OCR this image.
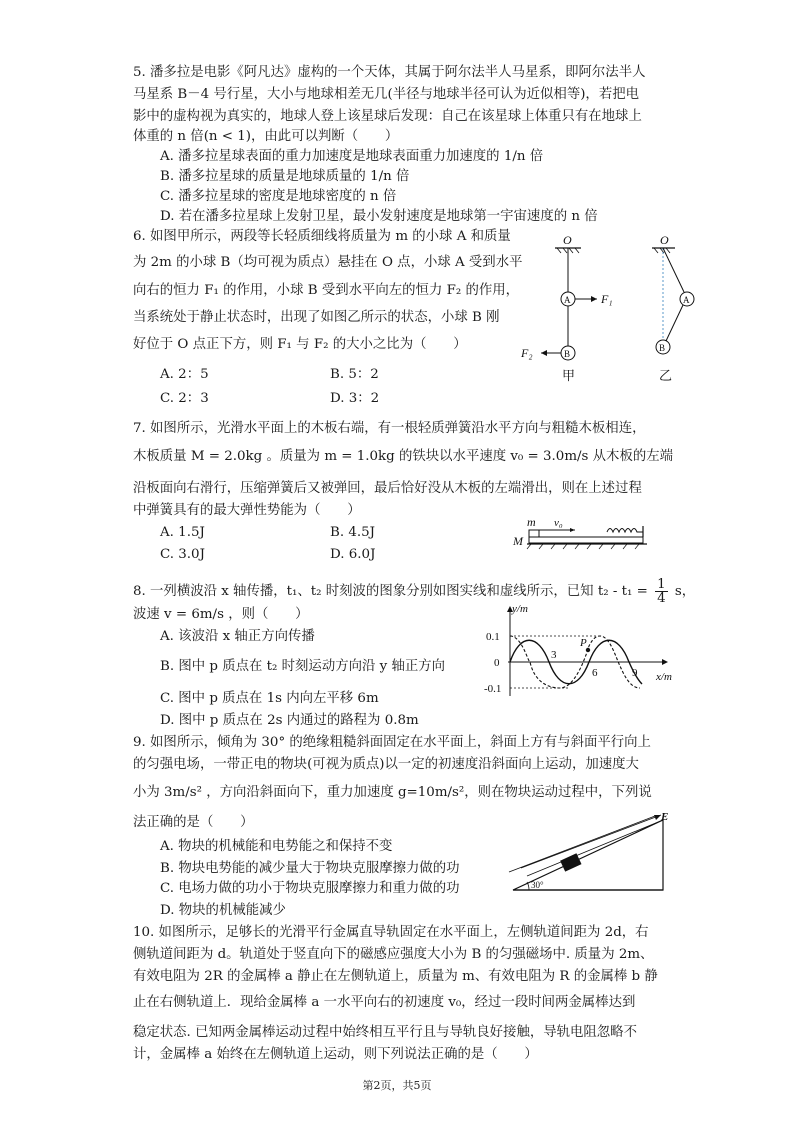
5. 潘多拉是电影《阿凡达》虚构的一个天体，其属于阿尔法半人马星系，即阿尔法半人
马星系 B－4 号行星，大小与地球相差无几(半径与地球半径可认为近似相等)，若把电
影中的虚构视为真实的，地球人登上该星球后发现：自己在该星球上体重只有在地球上
体重的 n 倍(n < 1)，由此可以判断（　　）
A. 潘多拉星球表面的重力加速度是地球表面重力加速度的 1/n 倍
B. 潘多拉星球的质量是地球质量的 1/n 倍
C. 潘多拉星球的密度是地球密度的 n 倍
D. 若在潘多拉星球上发射卫星，最小发射速度是地球第一宇宙速度的 n 倍
6. 如图甲所示，两段等长轻质细线将质量为 m 的小球 A 和质量
为 2m 的小球 B（均可视为质点）悬挂在 O 点，小球 A 受到水平
向右的恒力 F₁ 的作用，小球 B 受到水平向左的恒力 F₂ 的作用，
当系统处于静止状态时，出现了如图乙所示的状态，小球 B 刚
好位于 O 点正下方，则 F₁ 与 F₂ 的大小之比为（　　）
A. 2：5	B. 5：2
C. 2：3	D. 3：2
O
A	F₁
B
F₂
甲
O
A
B
乙
7. 如图所示，光滑水平面上的木板右端，有一根轻质弹簧沿水平方向与粗糙木板相连，
木板质量 M = 2.0kg 。质量为 m = 1.0kg 的铁块以水平速度 v₀ = 3.0m/s 从木板的左端
沿板面向右滑行，压缩弹簧后又被弹回，最后恰好没从木板的左端滑出，则在上述过程
中弹簧具有的最大弹性势能为（　　）
A. 1.5J	B. 4.5J
C. 3.0J	D. 6.0J
m v₀
M
8. 一列横波沿 x 轴传播，t₁、t₂ 时刻波的图象分别如图实线和虚线所示，已知 $t_2 - t_1 = \frac{1}{4}$ s，
波速 v = 6m/s ，则（　　）
A. 该波沿 x 轴正方向传播
B. 图中 p 质点在 t₂ 时刻运动方向沿 y 轴正方向
C. 图中 p 质点在 1s 内向左平移 6m
D. 图中 p 质点在 2s 内通过的路程为 0.8m
y/m
x/m
0.1
0
-0.1
3
6	9
P
9. 如图所示，倾角为 30° 的绝缘粗糙斜面固定在水平面上，斜面上方有与斜面平行向上
的匀强电场，一带正电的物块(可视为质点)以一定的初速度沿斜面向上运动，加速度大
小为 3m/s² ，方向沿斜面向下，重力加速度 g=10m/s²，则在物块运动过程中，下列说
法正确的是（　　）
A. 物块的机械能和电势能之和保持不变
B. 物块电势能的减少量大于物块克服摩擦力做的功
C. 电场力做的功小于物块克服摩擦力和重力做的功
D. 物块的机械能减少
E
30°
10. 如图所示，足够长的光滑平行金属直导轨固定在水平面上，左侧轨道间距为 2d，右
侧轨道间距为 d。轨道处于竖直向下的磁感应强度大小为 B 的匀强磁场中. 质量为 2m、
有效电阻为 2R 的金属棒 a 静止在左侧轨道上，质量为 m、有效电阻为 R 的金属棒 b 静
止在右侧轨道上．现给金属棒 a 一水平向右的初速度 v₀，经过一段时间两金属棒达到
稳定状态. 已知两金属棒运动过程中始终相互平行且与导轨良好接触，导轨电阻忽略不
计，金属棒 a 始终在左侧轨道上运动，则下列说法正确的是（　　）
第2页，共5页
